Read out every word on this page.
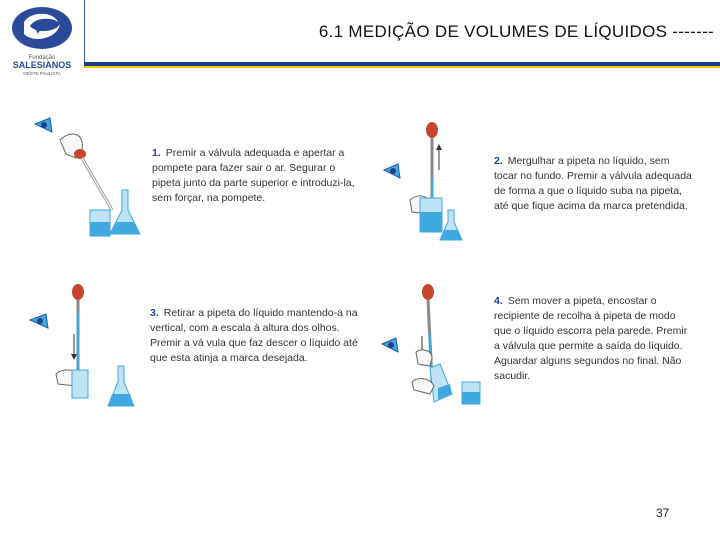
Fundação
SALESIANOS
OESTE PAULISTA
6.1 MEDIÇÃO DE VOLUMES DE LÍQUIDOS -------
1. Premir a válvula adequada e apertar a pompete para fazer sair o ar. Segurar o pipeta junto da parte superior e introduzi-la, sem forçar, na pompete.
2. Mergulhar a pipeta no líquido, sem tocar no fundo. Premir a válvula adequada de forma a que o líquido suba na pipeta, até que fique acima da marca pretendida.
3. Retirar a pipeta do líquido mantendo-a na vertical, com a escala à altura dos olhos. Premir a vá vula que faz descer o líquido até que esta atinja a marca desejada.
4. Sem mover a pipeta, encostar o recipiente de recolha à pipeta de modo que o líquido escorra pela parede. Premir a válvula que permite a saída do líquido. Aguardar alguns segundos no final. Não sacudir.
37
